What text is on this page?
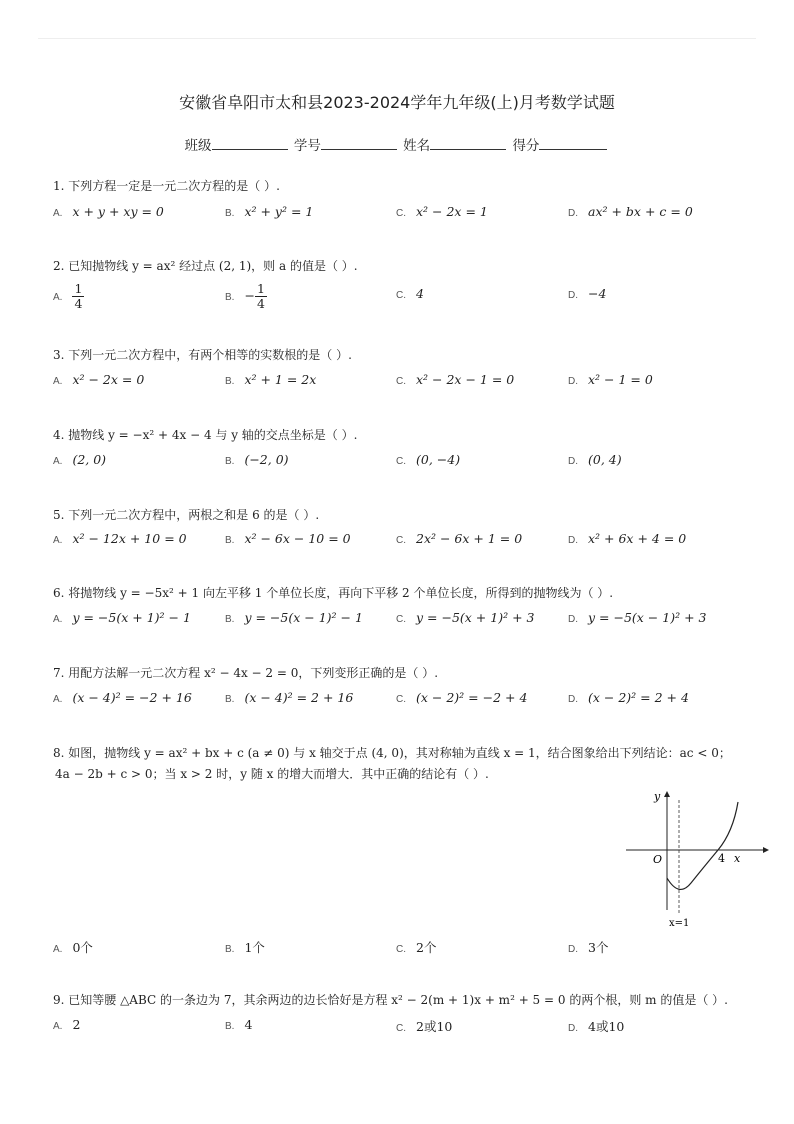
安徽省阜阳市太和县2023-2024学年九年级(上)月考数学试题
班级	学号	姓名	得分
1. 下列方程一定是一元二次方程的是（ ）.
A. x + y + xy = 0	B. x² + y² = 1	C. x² − 2x = 1	D. ax² + bx + c = 0
2. 已知抛物线 y = ax² 经过点 (2, 1)，则 a 的值是（ ）.
A. $\frac{1}{4}$	B. − $\frac{1}{4}$	C. 4	D. −4
3. 下列一元二次方程中，有两个相等的实数根的是（ ）.
A. x² − 2x = 0	B. x² + 1 = 2x	C. x² − 2x − 1 = 0	D. x² − 1 = 0
4. 抛物线 y = −x² + 4x − 4 与 y 轴的交点坐标是（ ）.
A. (2, 0)	B. (−2, 0)	C. (0, −4)	D. (0, 4)
5. 下列一元二次方程中，两根之和是 6 的是（ ）.
A. x² − 12x + 10 = 0	B. x² − 6x − 10 = 0	C. 2x² − 6x + 1 = 0	D. x² + 6x + 4 = 0
6. 将抛物线 y = −5x² + 1 向左平移 1 个单位长度，再向下平移 2 个单位长度，所得到的抛物线为（ ）.
A. y = −5(x + 1)² − 1	B. y = −5(x − 1)² − 1	C. y = −5(x + 1)² + 3	D. y = −5(x − 1)² + 3
7. 用配方法解一元二次方程 x² − 4x − 2 = 0，下列变形正确的是（ ）.
A. (x − 4)² = −2 + 16	B. (x − 4)² = 2 + 16	C. (x − 2)² = −2 + 4	D. (x − 2)² = 2 + 4
8. 如图，抛物线 y = ax² + bx + c (a ≠ 0) 与 x 轴交于点 (4, 0)，其对称轴为直线 x = 1，结合图象给出下列结论：ac < 0；
4a − 2b + c > 0；当 x > 2 时，y 随 x 的增大而增大．其中正确的结论有（ ）.
y
x
O	4
x=1
A. 0个	B. 1个	C. 2个	D. 3个
9. 已知等腰 △ABC 的一条边为 7，其余两边的边长恰好是方程 x² − 2(m + 1)x + m² + 5 = 0 的两个根，则 m 的值是（ ）.
A. 2	B. 4	C. 2或10	D. 4或10
